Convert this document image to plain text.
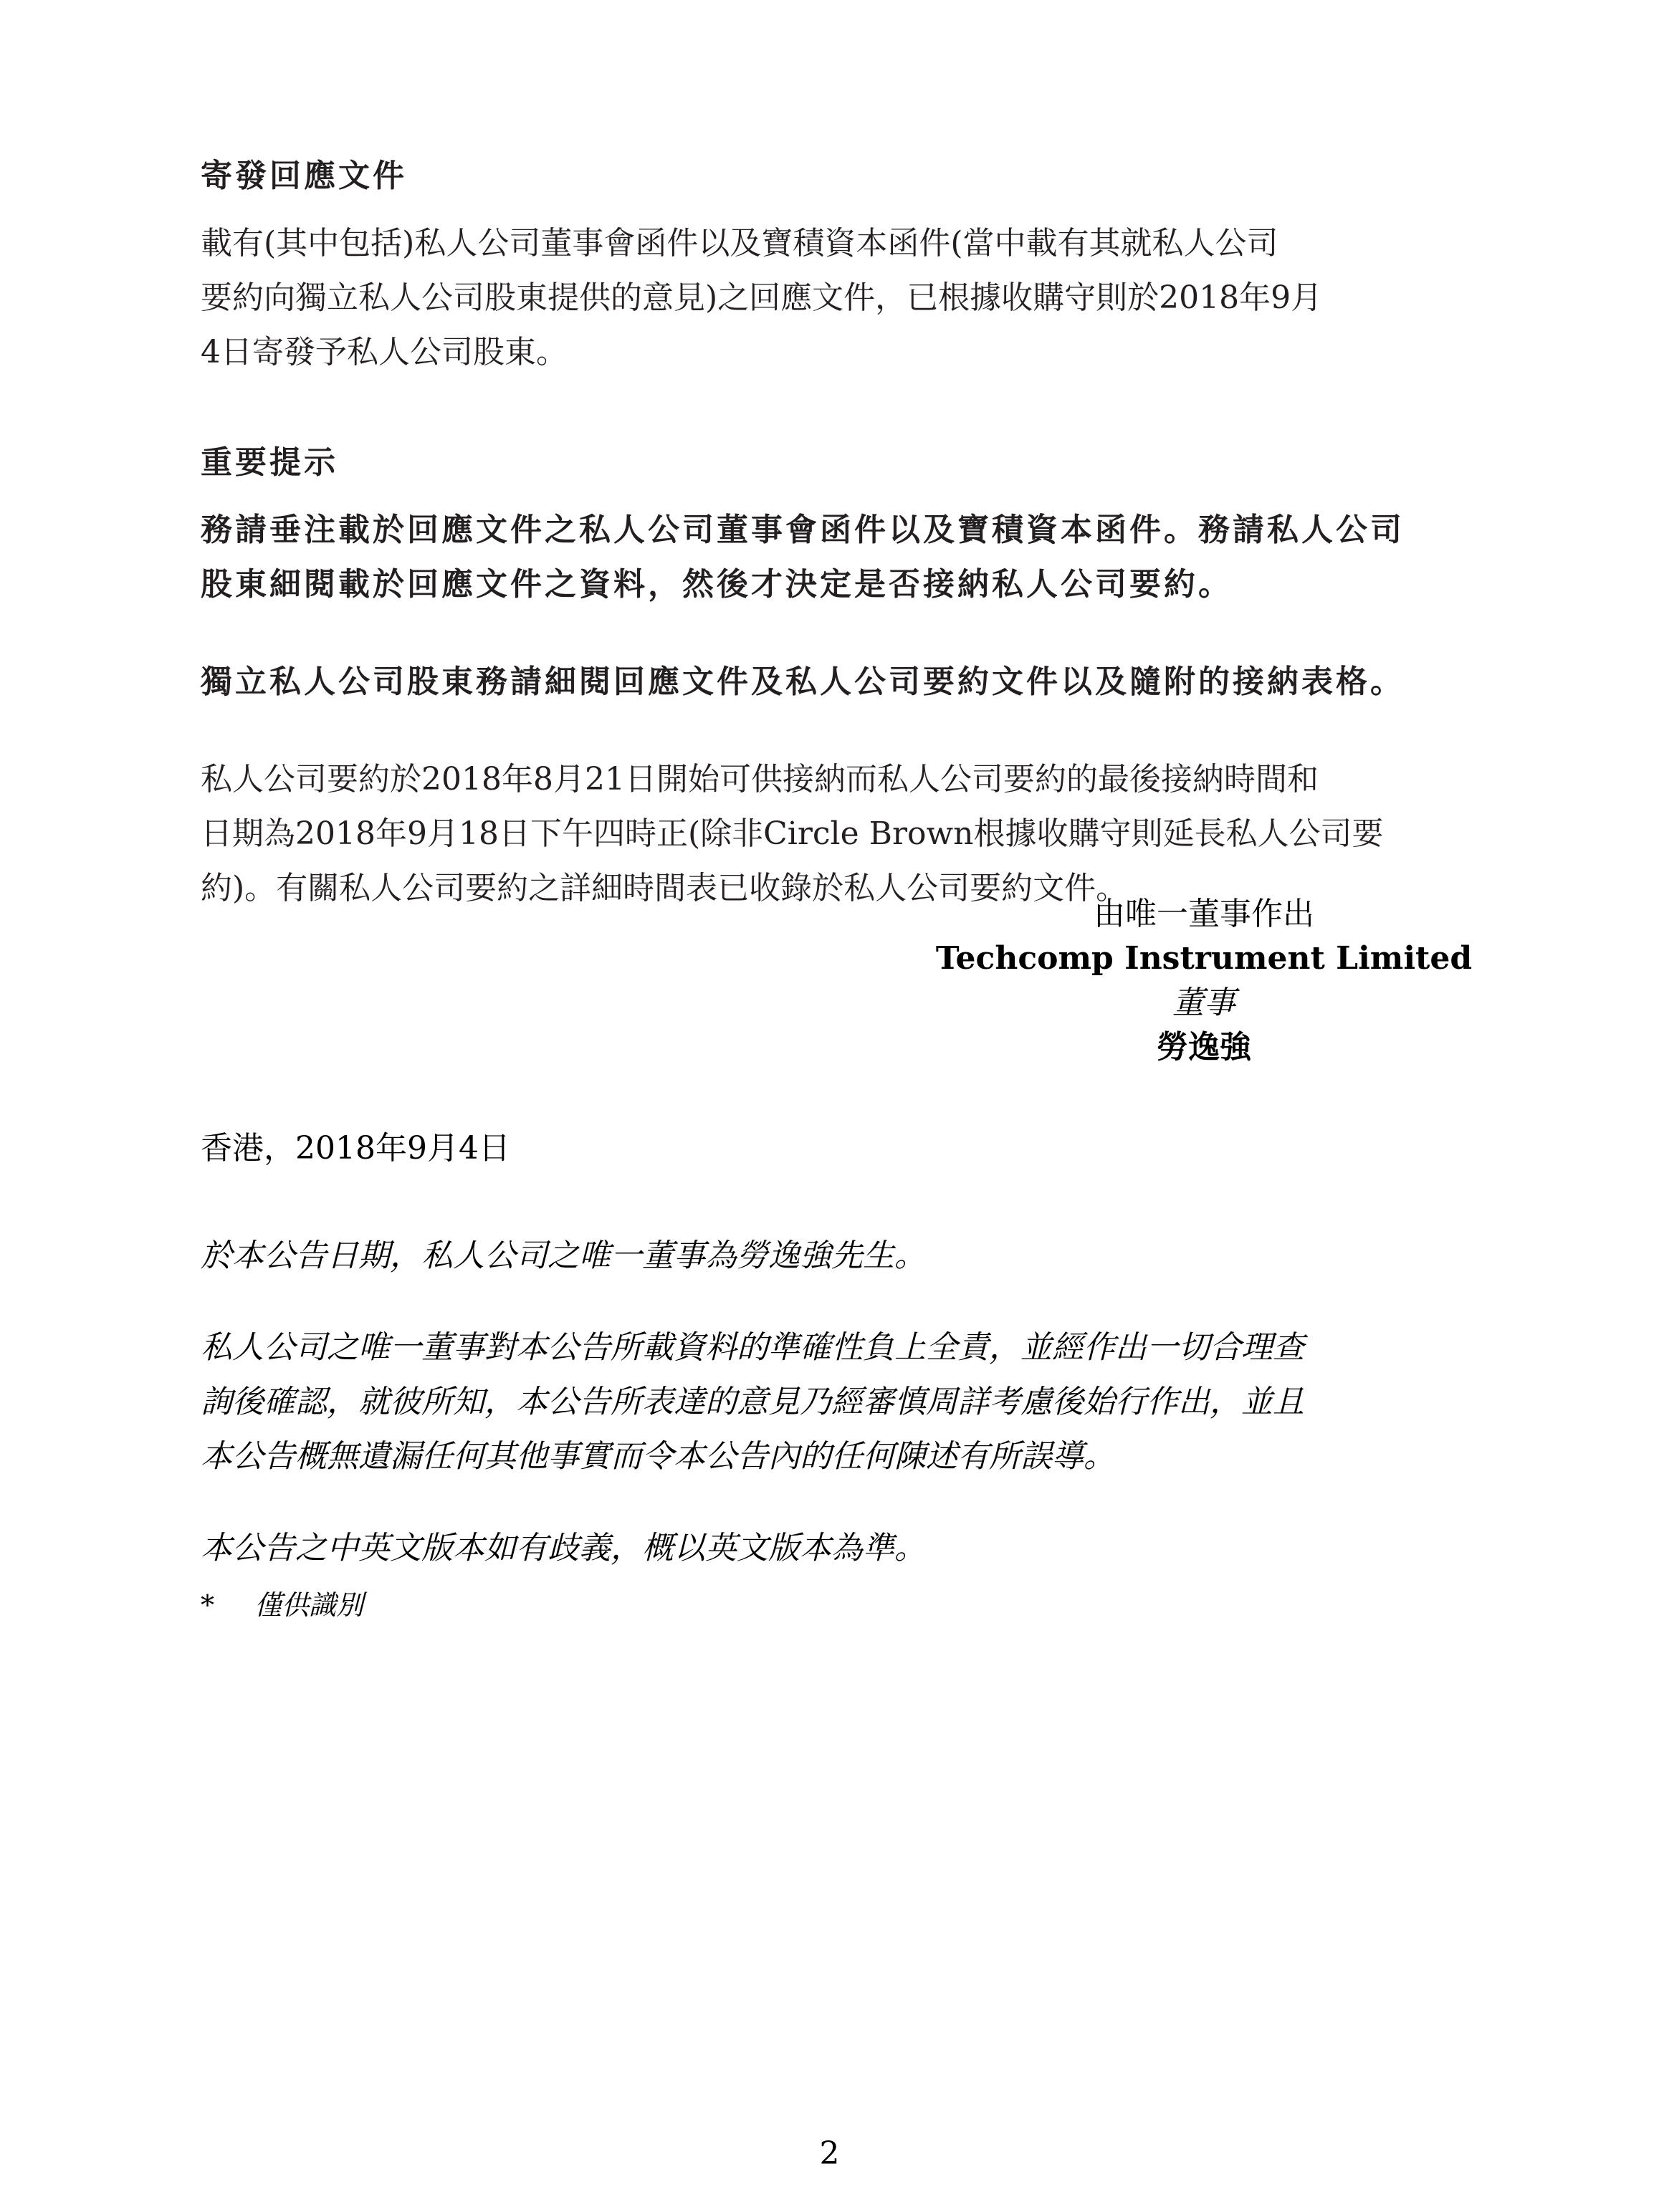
寄發回應文件

載有(其中包括)私人公司董事會函件以及寶積資本函件(當中載有其就私人公司

要約向獨立私人公司股東提供的意見)之回應文件，已根據收購守則於2018年9月

4日寄發予私人公司股東。

重要提示

務請垂注載於回應文件之私人公司董事會函件以及寶積資本函件。務請私人公司

股東細閱載於回應文件之資料，然後才決定是否接納私人公司要約。

獨立私人公司股東務請細閱回應文件及私人公司要約文件以及隨附的接納表格。

私人公司要約於2018年8月21日開始可供接納而私人公司要約的最後接納時間和

日期為2018年9月18日下午四時正(除非Circle Brown根據收購守則延長私人公司要

約)。有關私人公司要約之詳細時間表已收錄於私人公司要約文件。

由唯一董事作出

Techcomp Instrument Limited

董事

勞逸強

香港，2018年9月4日

於本公告日期，私人公司之唯一董事為勞逸強先生。

私人公司之唯一董事對本公告所載資料的準確性負上全責，並經作出一切合理查

詢後確認，就彼所知，本公告所表達的意見乃經審慎周詳考慮後始行作出，並且

本公告概無遺漏任何其他事實而令本公告內的任何陳述有所誤導。

本公告之中英文版本如有歧義，概以英文版本為準。

* 僅供識別
2
